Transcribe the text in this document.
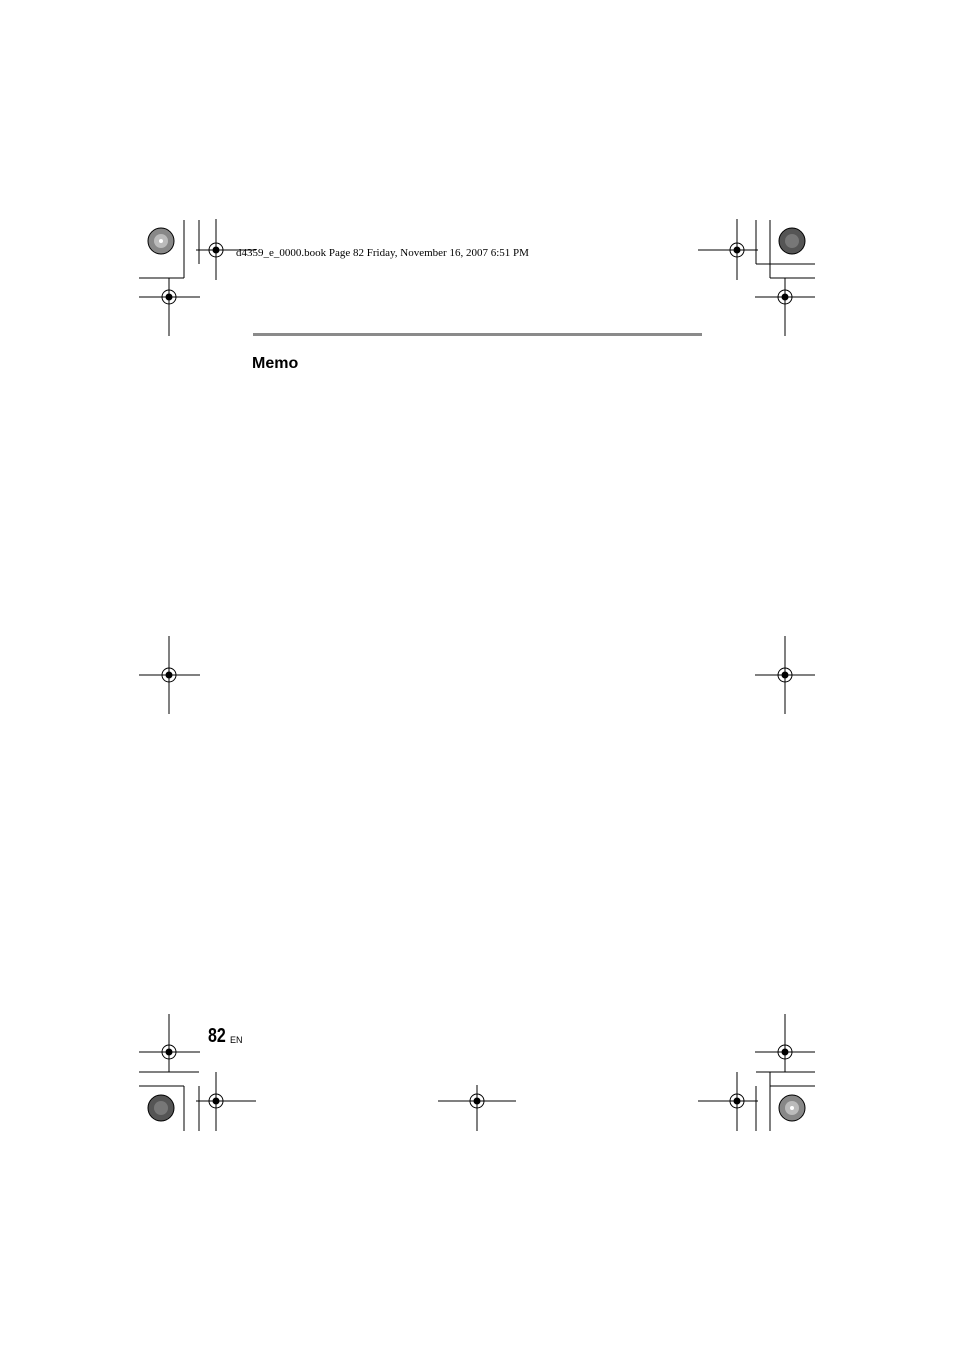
d4359_e_0000.book Page 82 Friday, November 16, 2007 6:51 PM
Memo
82 EN
